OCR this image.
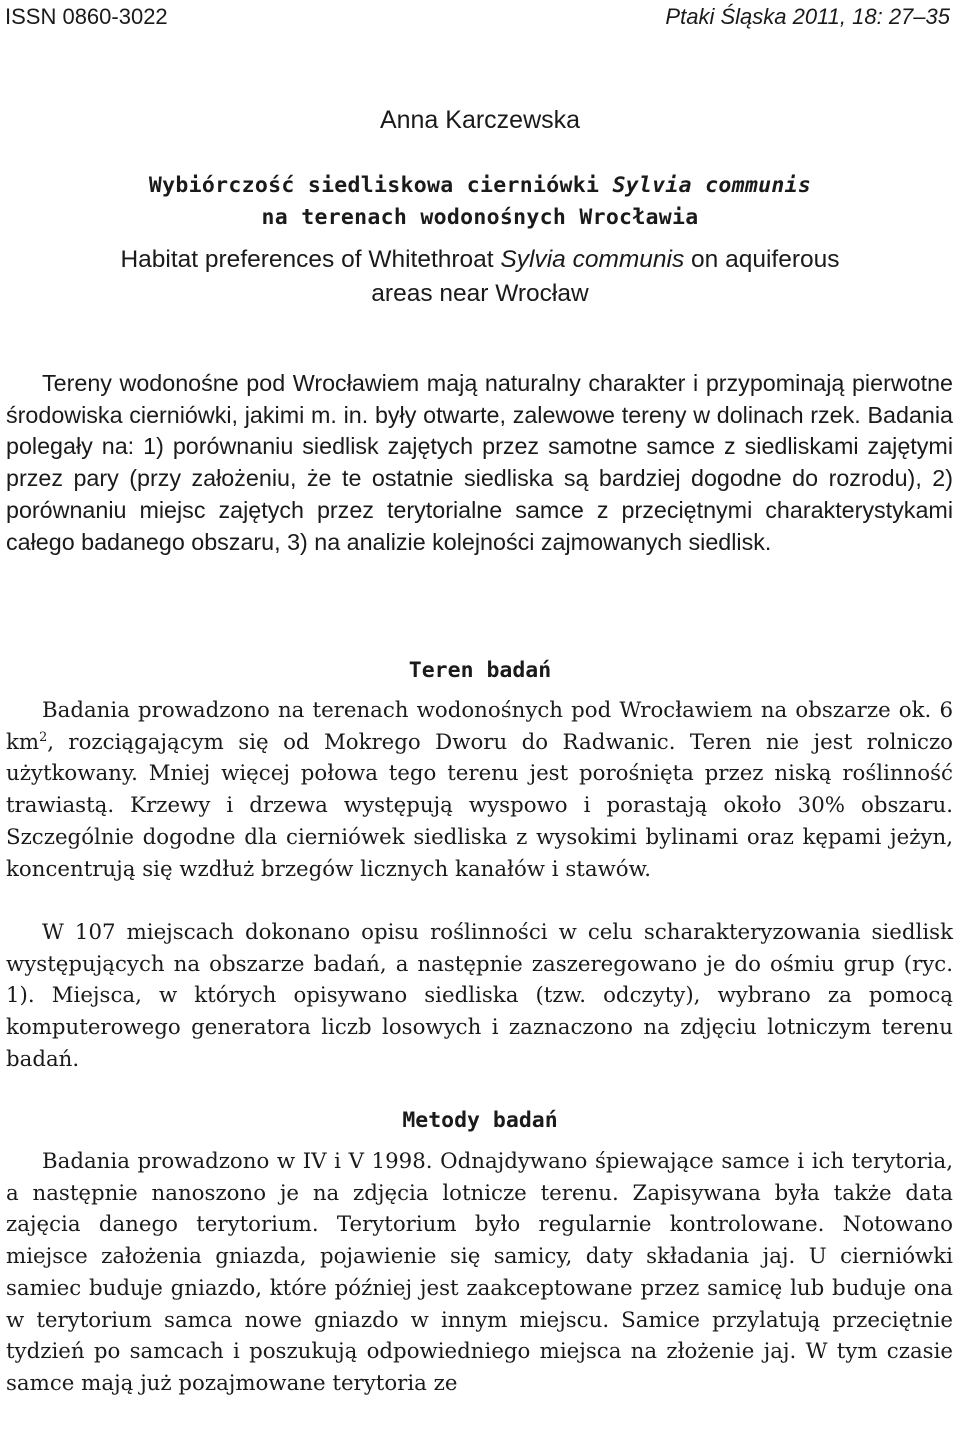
ISSN 0860-3022	Ptaki Śląska 2011, 18: 27–35
Anna Karczewska
Wybiórczość siedliskowa cierniówki Sylvia communis
na terenach wodonośnych Wrocławia
Habitat preferences of Whitethroat Sylvia communis on aquiferous
areas near Wrocław

Tereny wodonośne pod Wrocławiem mają naturalny charakter i przypominają pierwotne środowiska cierniówki, jakimi m. in. były otwarte, zalewowe tereny w dolinach rzek. Badania polegały na: 1) porównaniu siedlisk zajętych przez samotne samce z siedliskami zajętymi przez pary (przy założeniu, że te ostatnie siedliska są bardziej dogodne do rozrodu), 2) porównaniu miejsc zajętych przez terytorialne samce z przeciętnymi charakterystykami całego badanego obszaru, 3) na analizie kolejności zajmowanych siedlisk.

Teren badań

Badania prowadzono na terenach wodonośnych pod Wrocławiem na obszarze ok. 6 $km^2$, rozciągającym się od Mokrego Dworu do Radwanic. Teren nie jest rolniczo użytkowany. Mniej więcej połowa tego terenu jest porośnięta przez niską roślinność trawiastą. Krzewy i drzewa występują wyspowo i porastają około 30% obszaru. Szczególnie dogodne dla cierniówek siedliska z wysokimi bylinami oraz kępami jeżyn, koncentrują się wzdłuż brzegów licznych kanałów i stawów.

W 107 miejscach dokonano opisu roślinności w celu scharakteryzowania siedlisk występujących na obszarze badań, a następnie zaszeregowano je do ośmiu grup (ryc. 1). Miejsca, w których opisywano siedliska (tzw. odczyty), wybrano za pomocą komputerowego generatora liczb losowych i zaznaczono na zdjęciu lotniczym terenu badań.

Metody badań

Badania prowadzono w IV i V 1998. Odnajdywano śpiewające samce i ich terytoria, a następnie nanoszono je na zdjęcia lotnicze terenu. Zapisywana była także data zajęcia danego terytorium. Terytorium było regularnie kontrolowane. Notowano miejsce założenia gniazda, pojawienie się samicy, daty składania jaj. U cierniówki samiec buduje gniazdo, które później jest zaakceptowane przez samicę lub buduje ona w terytorium samca nowe gniazdo w innym miejscu. Samice przylatują przeciętnie tydzień po samcach i poszukują odpowiedniego miejsca na złożenie jaj. W tym czasie samce mają już pozajmowane terytoria ze
